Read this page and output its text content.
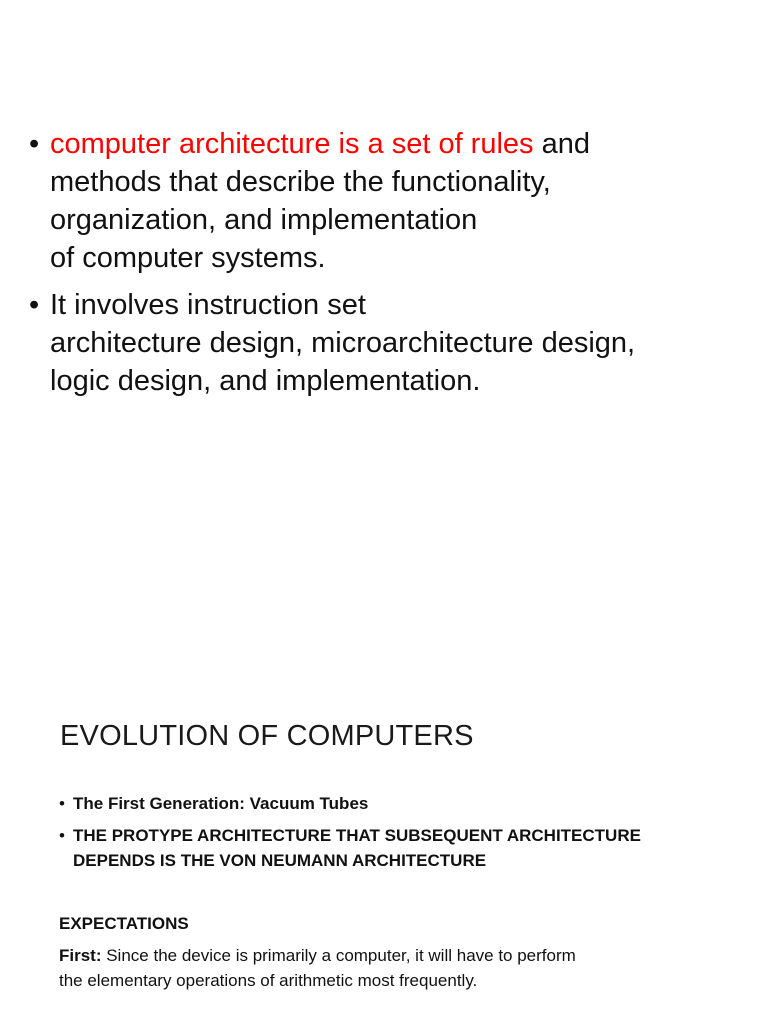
• computer architecture is a set of rules and
methods that describe the functionality,
organization, and implementation
of computer systems.
• It involves instruction set
architecture design, microarchitecture design,
logic design, and implementation.
EVOLUTION OF COMPUTERS
• The First Generation: Vacuum Tubes
• THE PROTYPE ARCHITECTURE THAT SUBSEQUENT ARCHITECTURE
DEPENDS IS THE VON NEUMANN ARCHITECTURE
EXPECTATIONS
First: Since the device is primarily a computer, it will have to perform
the elementary operations of arithmetic most frequently.
